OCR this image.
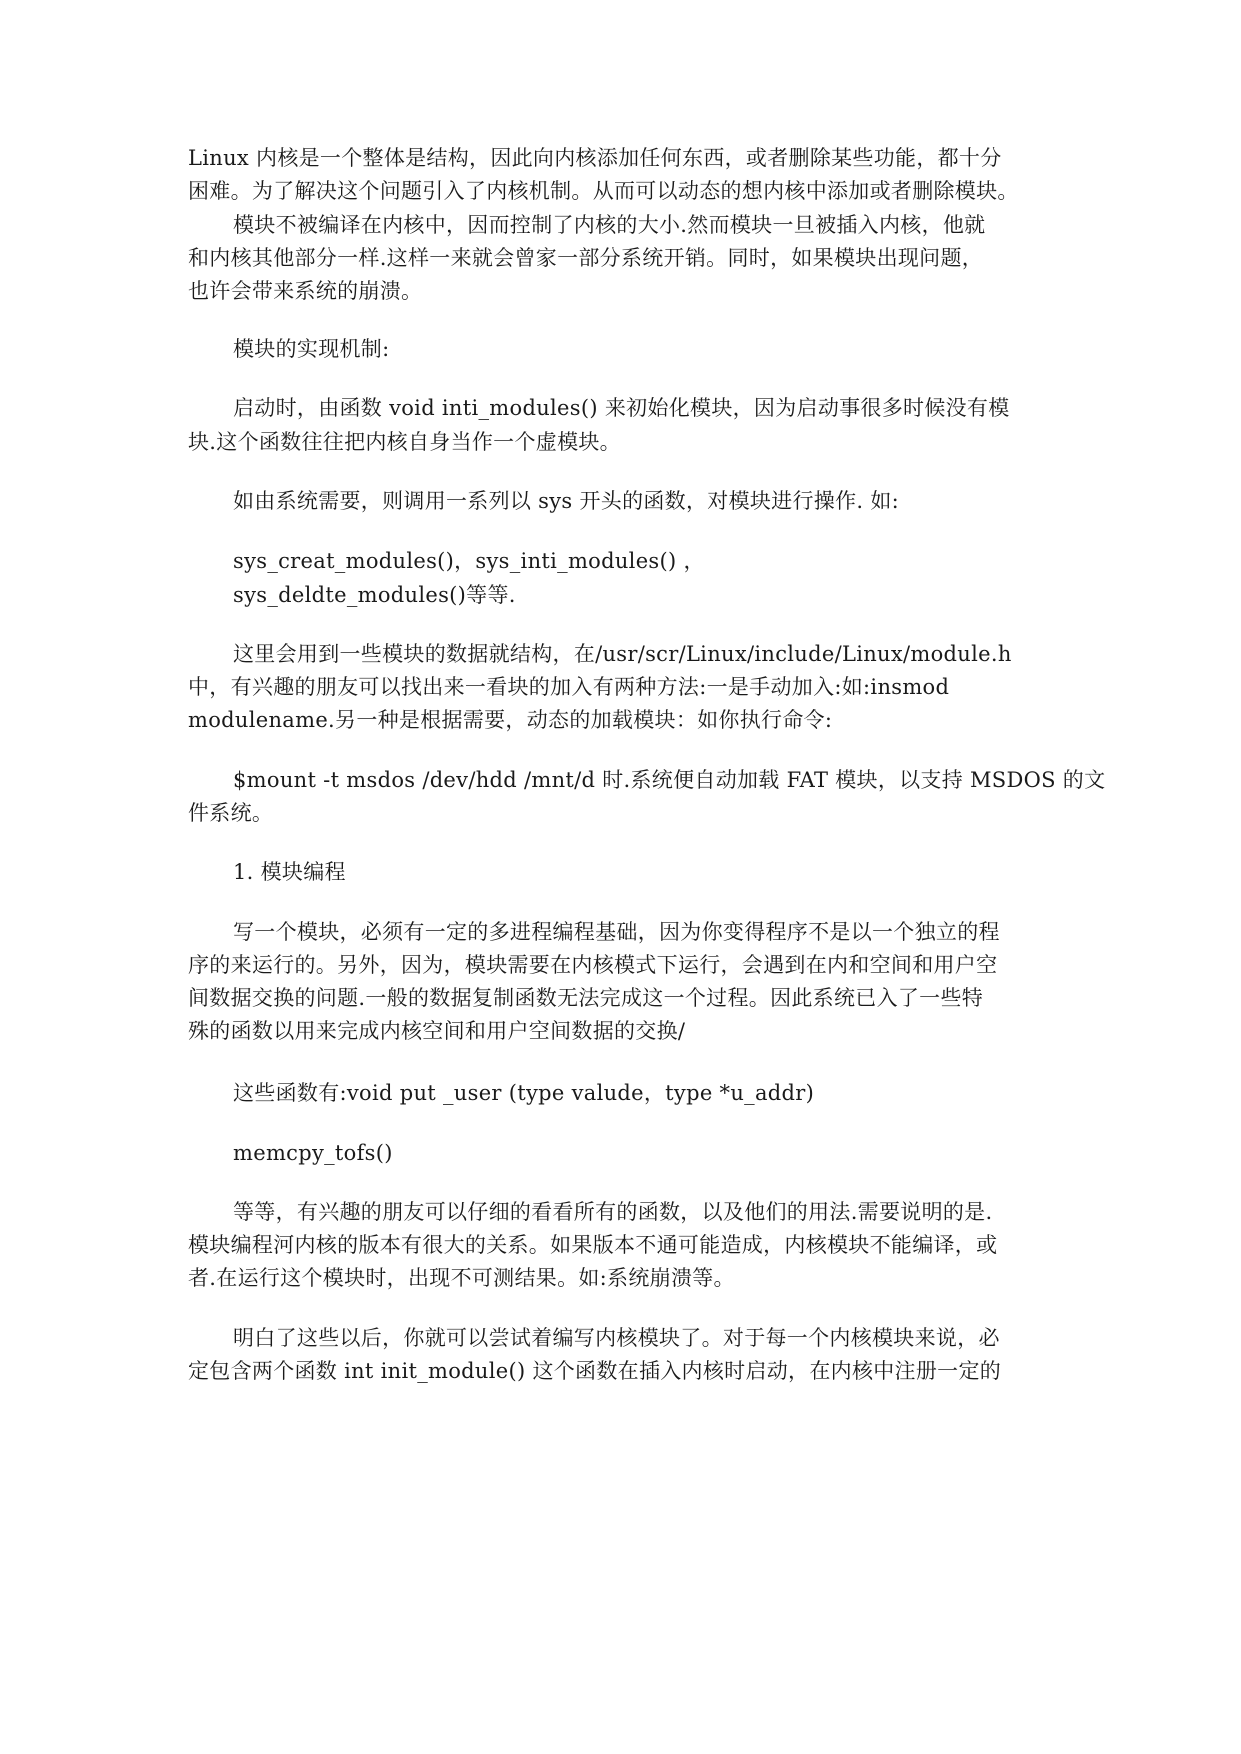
Linux 内核是一个整体是结构，因此向内核添加任何东西，或者删除某些功能，都十分
困难。为了解决这个问题引入了内核机制。从而可以动态的想内核中添加或者删除模块。
模块不被编译在内核中，因而控制了内核的大小.然而模块一旦被插入内核，他就
和内核其他部分一样.这样一来就会曾家一部分系统开销。同时，如果模块出现问题，
也许会带来系统的崩溃。
模块的实现机制:
启动时，由函数 void inti_modules() 来初始化模块，因为启动事很多时候没有模
块.这个函数往往把内核自身当作一个虚模块。
如由系统需要，则调用一系列以 sys 开头的函数，对模块进行操作. 如:
sys_creat_modules()，sys_inti_modules() ，
sys_deldte_modules()等等.
这里会用到一些模块的数据就结构，在/usr/scr/Linux/include/Linux/module.h
中，有兴趣的朋友可以找出来一看块的加入有两种方法:一是手动加入:如:insmod
modulename.另一种是根据需要，动态的加载模块：如你执行命令:
$mount -t msdos /dev/hdd /mnt/d 时.系统便自动加载 FAT 模块，以支持 MSDOS 的文
件系统。
1. 模块编程
写一个模块，必须有一定的多进程编程基础，因为你变得程序不是以一个独立的程
序的来运行的。另外，因为，模块需要在内核模式下运行，会遇到在内和空间和用户空
间数据交换的问题.一般的数据复制函数无法完成这一个过程。因此系统已入了一些特
殊的函数以用来完成内核空间和用户空间数据的交换/
这些函数有:void put _user (type valude，type *u_addr)
memcpy_tofs()
等等，有兴趣的朋友可以仔细的看看所有的函数，以及他们的用法.需要说明的是.
模块编程河内核的版本有很大的关系。如果版本不通可能造成，内核模块不能编译，或
者.在运行这个模块时，出现不可测结果。如:系统崩溃等。
明白了这些以后，你就可以尝试着编写内核模块了。对于每一个内核模块来说，必
定包含两个函数 int init_module() 这个函数在插入内核时启动，在内核中注册一定的
